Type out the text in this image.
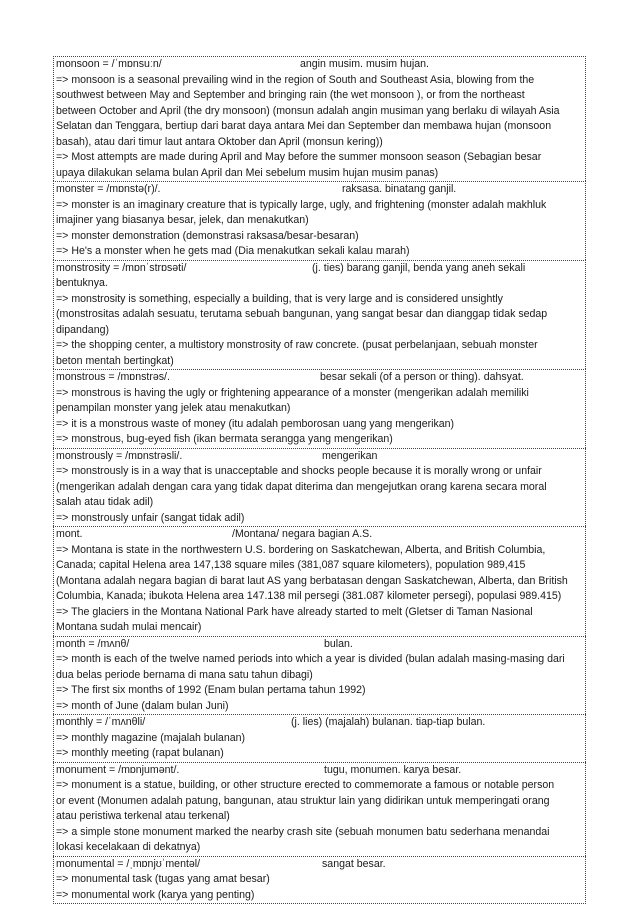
monsoon = /ˈmɒnsuːn/	angin musim. musim hujan.
=> monsoon is a seasonal prevailing wind in the region of South and Southeast Asia, blowing from the
southwest between May and September and bringing rain (the wet monsoon ), or from the northeast
between October and April (the dry monsoon) (monsun adalah angin musiman yang berlaku di wilayah Asia
Selatan dan Tenggara, bertiup dari barat daya antara Mei dan September dan membawa hujan (monsoon
basah), atau dari timur laut antara Oktober dan April (monsun kering))
=> Most attempts are made during April and May before the summer monsoon season (Sebagian besar
upaya dilakukan selama bulan April dan Mei sebelum musim hujan musim panas)
monster = /mɒnstə(r)/.	raksasa. binatang ganjil.
=> monster is an imaginary creature that is typically large, ugly, and frightening (monster adalah makhluk
imajiner yang biasanya besar, jelek, dan menakutkan)
=> monster demonstration (demonstrasi raksasa/besar-besaran)
=> He's a monster when he gets mad (Dia menakutkan sekali kalau marah)
monstrosity = /mɒnˈstrɒsəti/	(j. ties) barang ganjil, benda yang aneh sekali
bentuknya.
=> monstrosity is something, especially a building, that is very large and is considered unsightly
(monstrositas adalah sesuatu, terutama sebuah bangunan, yang sangat besar dan dianggap tidak sedap
dipandang)
=> the shopping center, a multistory monstrosity of raw concrete. (pusat perbelanjaan, sebuah monster
beton mentah bertingkat)
monstrous = /mɒnstrəs/.	besar sekali (of a person or thing). dahsyat.
=> monstrous is having the ugly or frightening appearance of a monster (mengerikan adalah memiliki
penampilan monster yang jelek atau menakutkan)
=> it is a monstrous waste of money (itu adalah pemborosan uang yang mengerikan)
=> monstrous, bug-eyed fish (ikan bermata serangga yang mengerikan)
monstrously = /mɒnstrəsli/.	mengerikan
=> monstrously is in a way that is unacceptable and shocks people because it is morally wrong or unfair
(mengerikan adalah dengan cara yang tidak dapat diterima dan mengejutkan orang karena secara moral
salah atau tidak adil)
=> monstrously unfair (sangat tidak adil)
mont.	/Montana/ negara bagian A.S.
=> Montana is state in the northwestern U.S. bordering on Saskatchewan, Alberta, and British Columbia,
Canada; capital Helena area 147,138 square miles (381,087 square kilometers), population 989,415
(Montana adalah negara bagian di barat laut AS yang berbatasan dengan Saskatchewan, Alberta, dan British
Columbia, Kanada; ibukota Helena area 147.138 mil persegi (381.087 kilometer persegi), populasi 989.415)
=> The glaciers in the Montana National Park have already started to melt (Gletser di Taman Nasional
Montana sudah mulai mencair)
month = /mʌnθ/	bulan.
=> month is each of the twelve named periods into which a year is divided (bulan adalah masing-masing dari
dua belas periode bernama di mana satu tahun dibagi)
=> The first six months of 1992 (Enam bulan pertama tahun 1992)
=> month of June (dalam bulan Juni)
monthly = /ˈmʌnθli/	(j. lies) (majalah) bulanan. tiap-tiap bulan.
=> monthly magazine (majalah bulanan)
=> monthly meeting (rapat bulanan)
monument = /mɒnjumənt/.	tugu, monumen. karya besar.
=> monument is a statue, building, or other structure erected to commemorate a famous or notable person
or event (Monumen adalah patung, bangunan, atau struktur lain yang didirikan untuk memperingati orang
atau peristiwa terkenal atau terkenal)
=> a simple stone monument marked the nearby crash site (sebuah monumen batu sederhana menandai
lokasi kecelakaan di dekatnya)
monumental = /ˌmɒnjʊˈmentəl/	sangat besar.
=> monumental task (tugas yang amat besar)
=> monumental work (karya yang penting)
